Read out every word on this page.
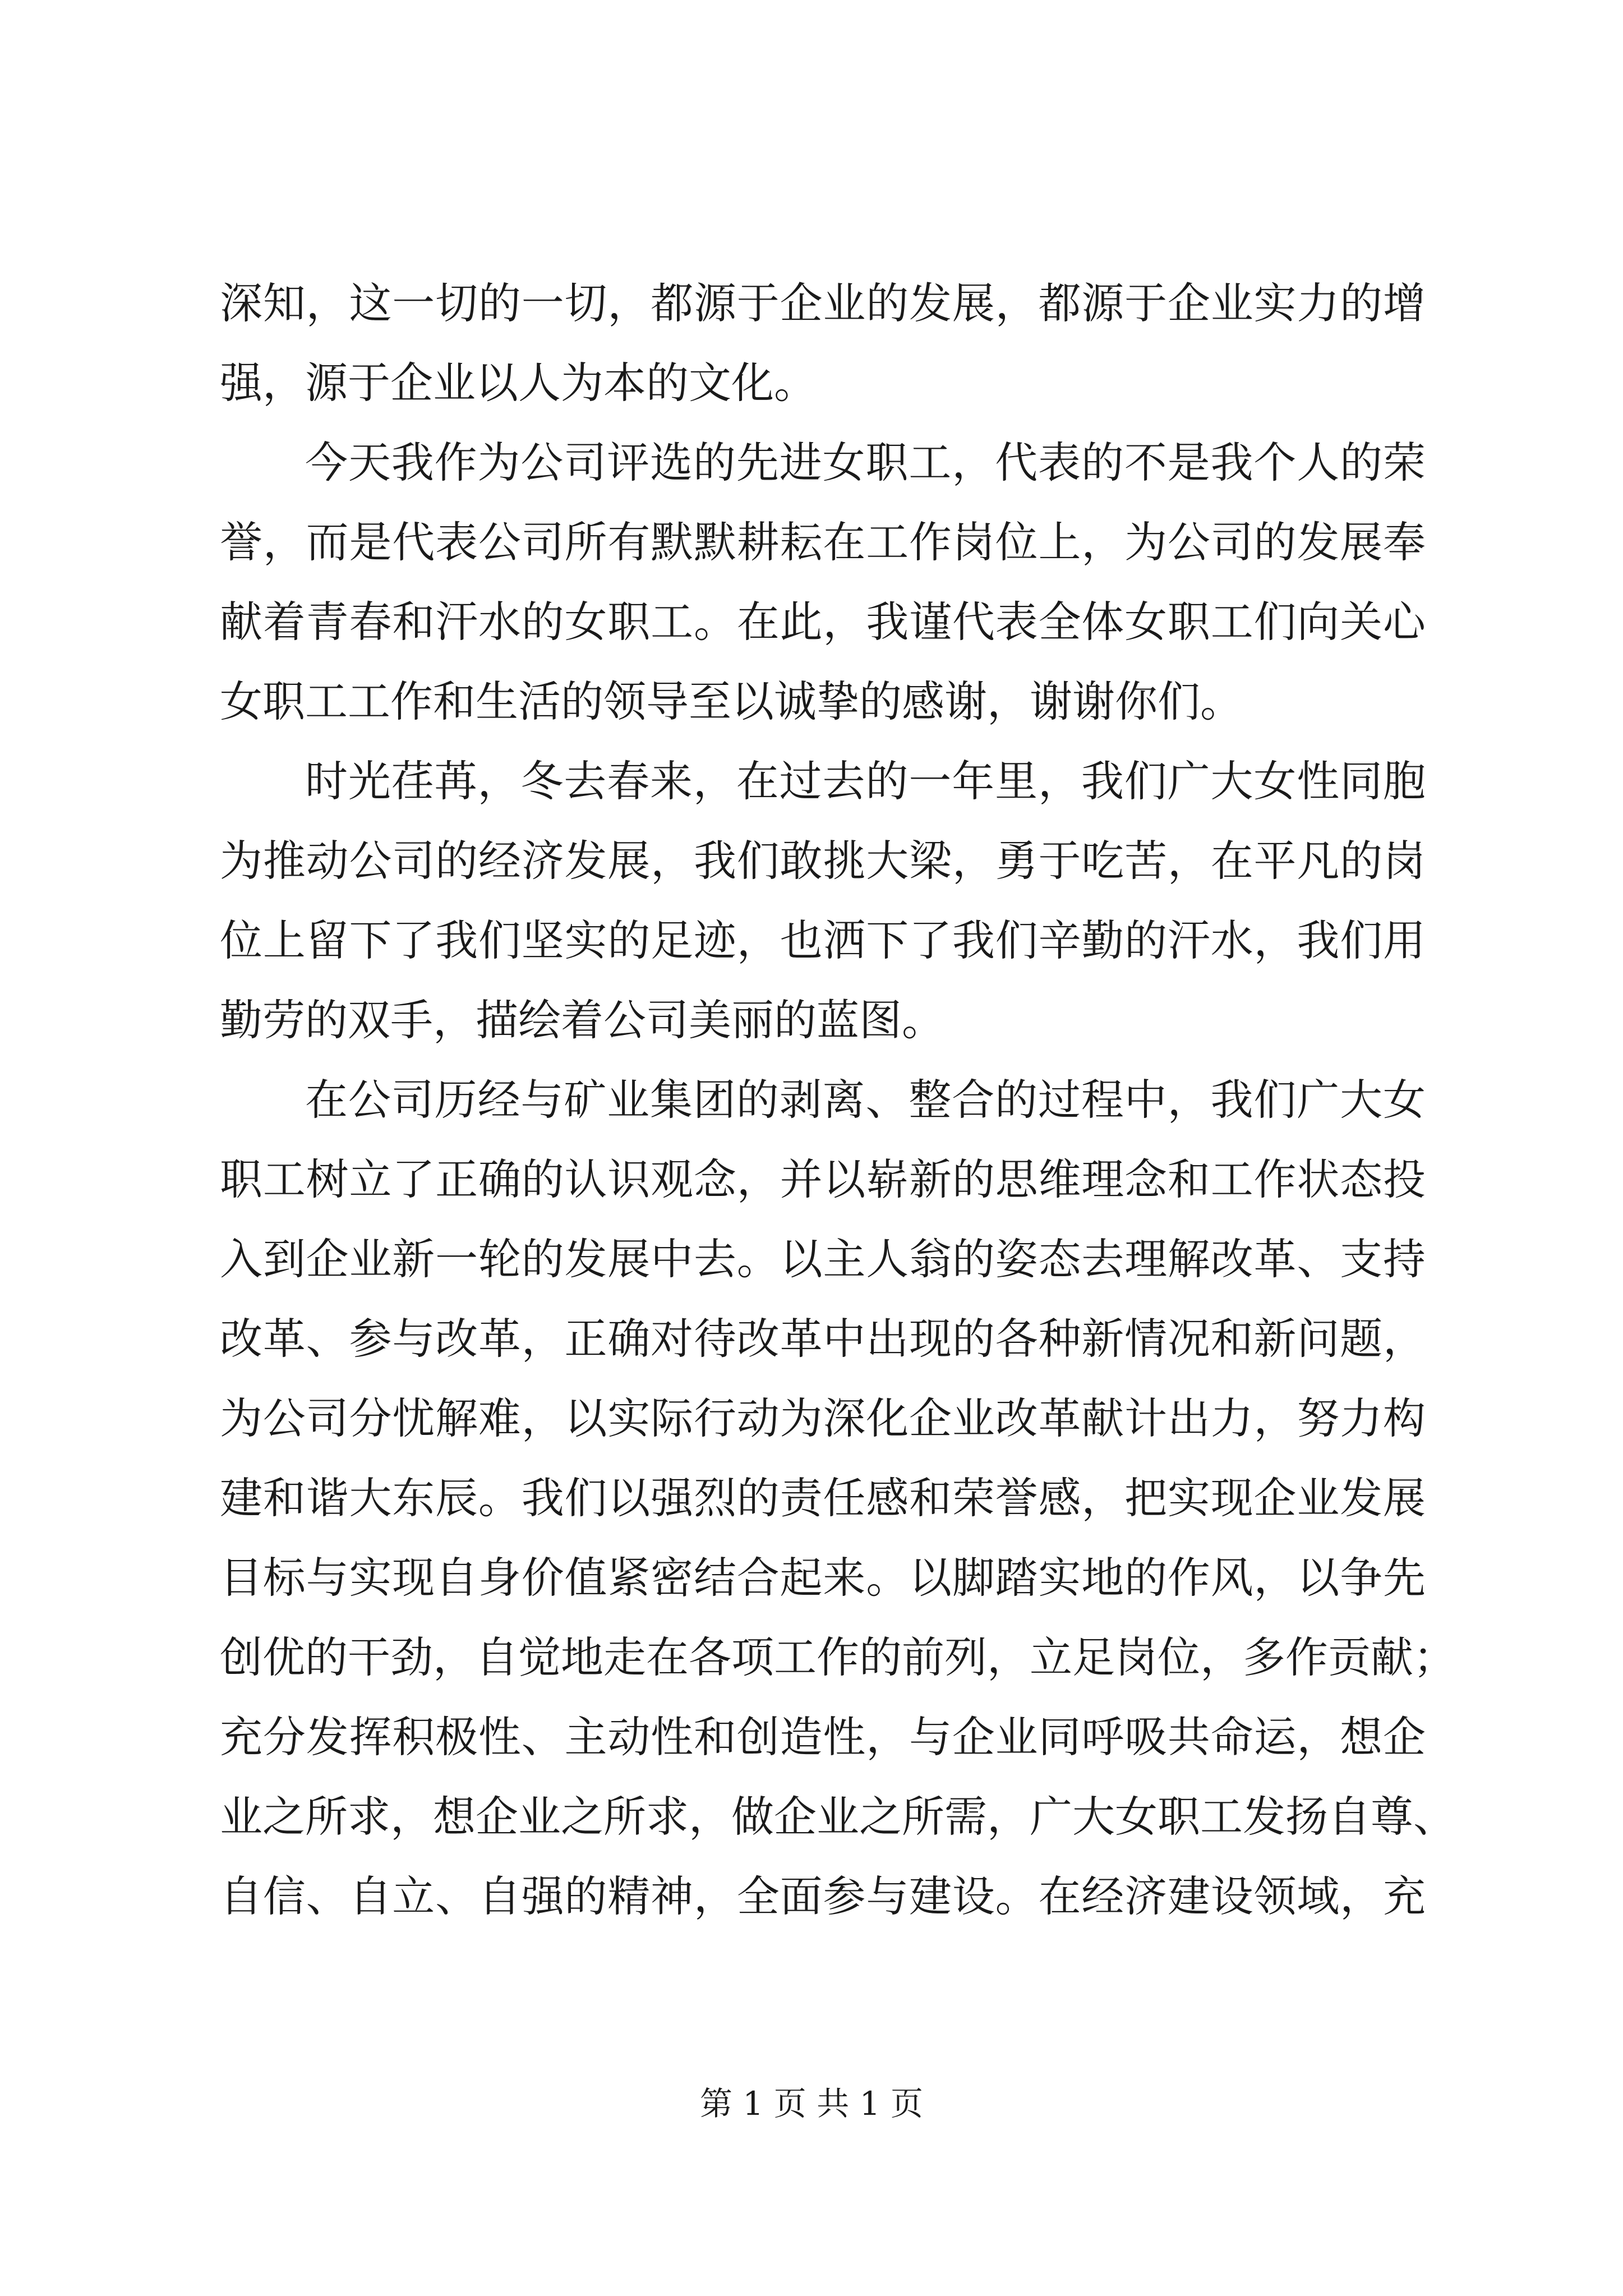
深知，这一切的一切，都源于企业的发展，都源于企业实力的增
强，源于企业以人为本的文化。
今天我作为公司评选的先进女职工，代表的不是我个人的荣
誉，而是代表公司所有默默耕耘在工作岗位上，为公司的发展奉
献着青春和汗水的女职工。在此，我谨代表全体女职工们向关心
女职工工作和生活的领导至以诚挚的感谢，谢谢你们。
时光荏苒，冬去春来，在过去的一年里，我们广大女性同胞
为推动公司的经济发展，我们敢挑大梁，勇于吃苦，在平凡的岗
位上留下了我们坚实的足迹，也洒下了我们辛勤的汗水，我们用
勤劳的双手，描绘着公司美丽的蓝图。
在公司历经与矿业集团的剥离、整合的过程中，我们广大女
职工树立了正确的认识观念，并以崭新的思维理念和工作状态投
入到企业新一轮的发展中去。以主人翁的姿态去理解改革、支持
改革、参与改革，正确对待改革中出现的各种新情况和新问题，
为公司分忧解难，以实际行动为深化企业改革献计出力，努力构
建和谐大东辰。我们以强烈的责任感和荣誉感，把实现企业发展
目标与实现自身价值紧密结合起来。以脚踏实地的作风，以争先
创优的干劲，自觉地走在各项工作的前列，立足岗位，多作贡献；
充分发挥积极性、主动性和创造性，与企业同呼吸共命运，想企
业之所求，想企业之所求，做企业之所需，广大女职工发扬自尊、
自信、自立、自强的精神，全面参与建设。在经济建设领域，充
第 1 页 共 1 页
